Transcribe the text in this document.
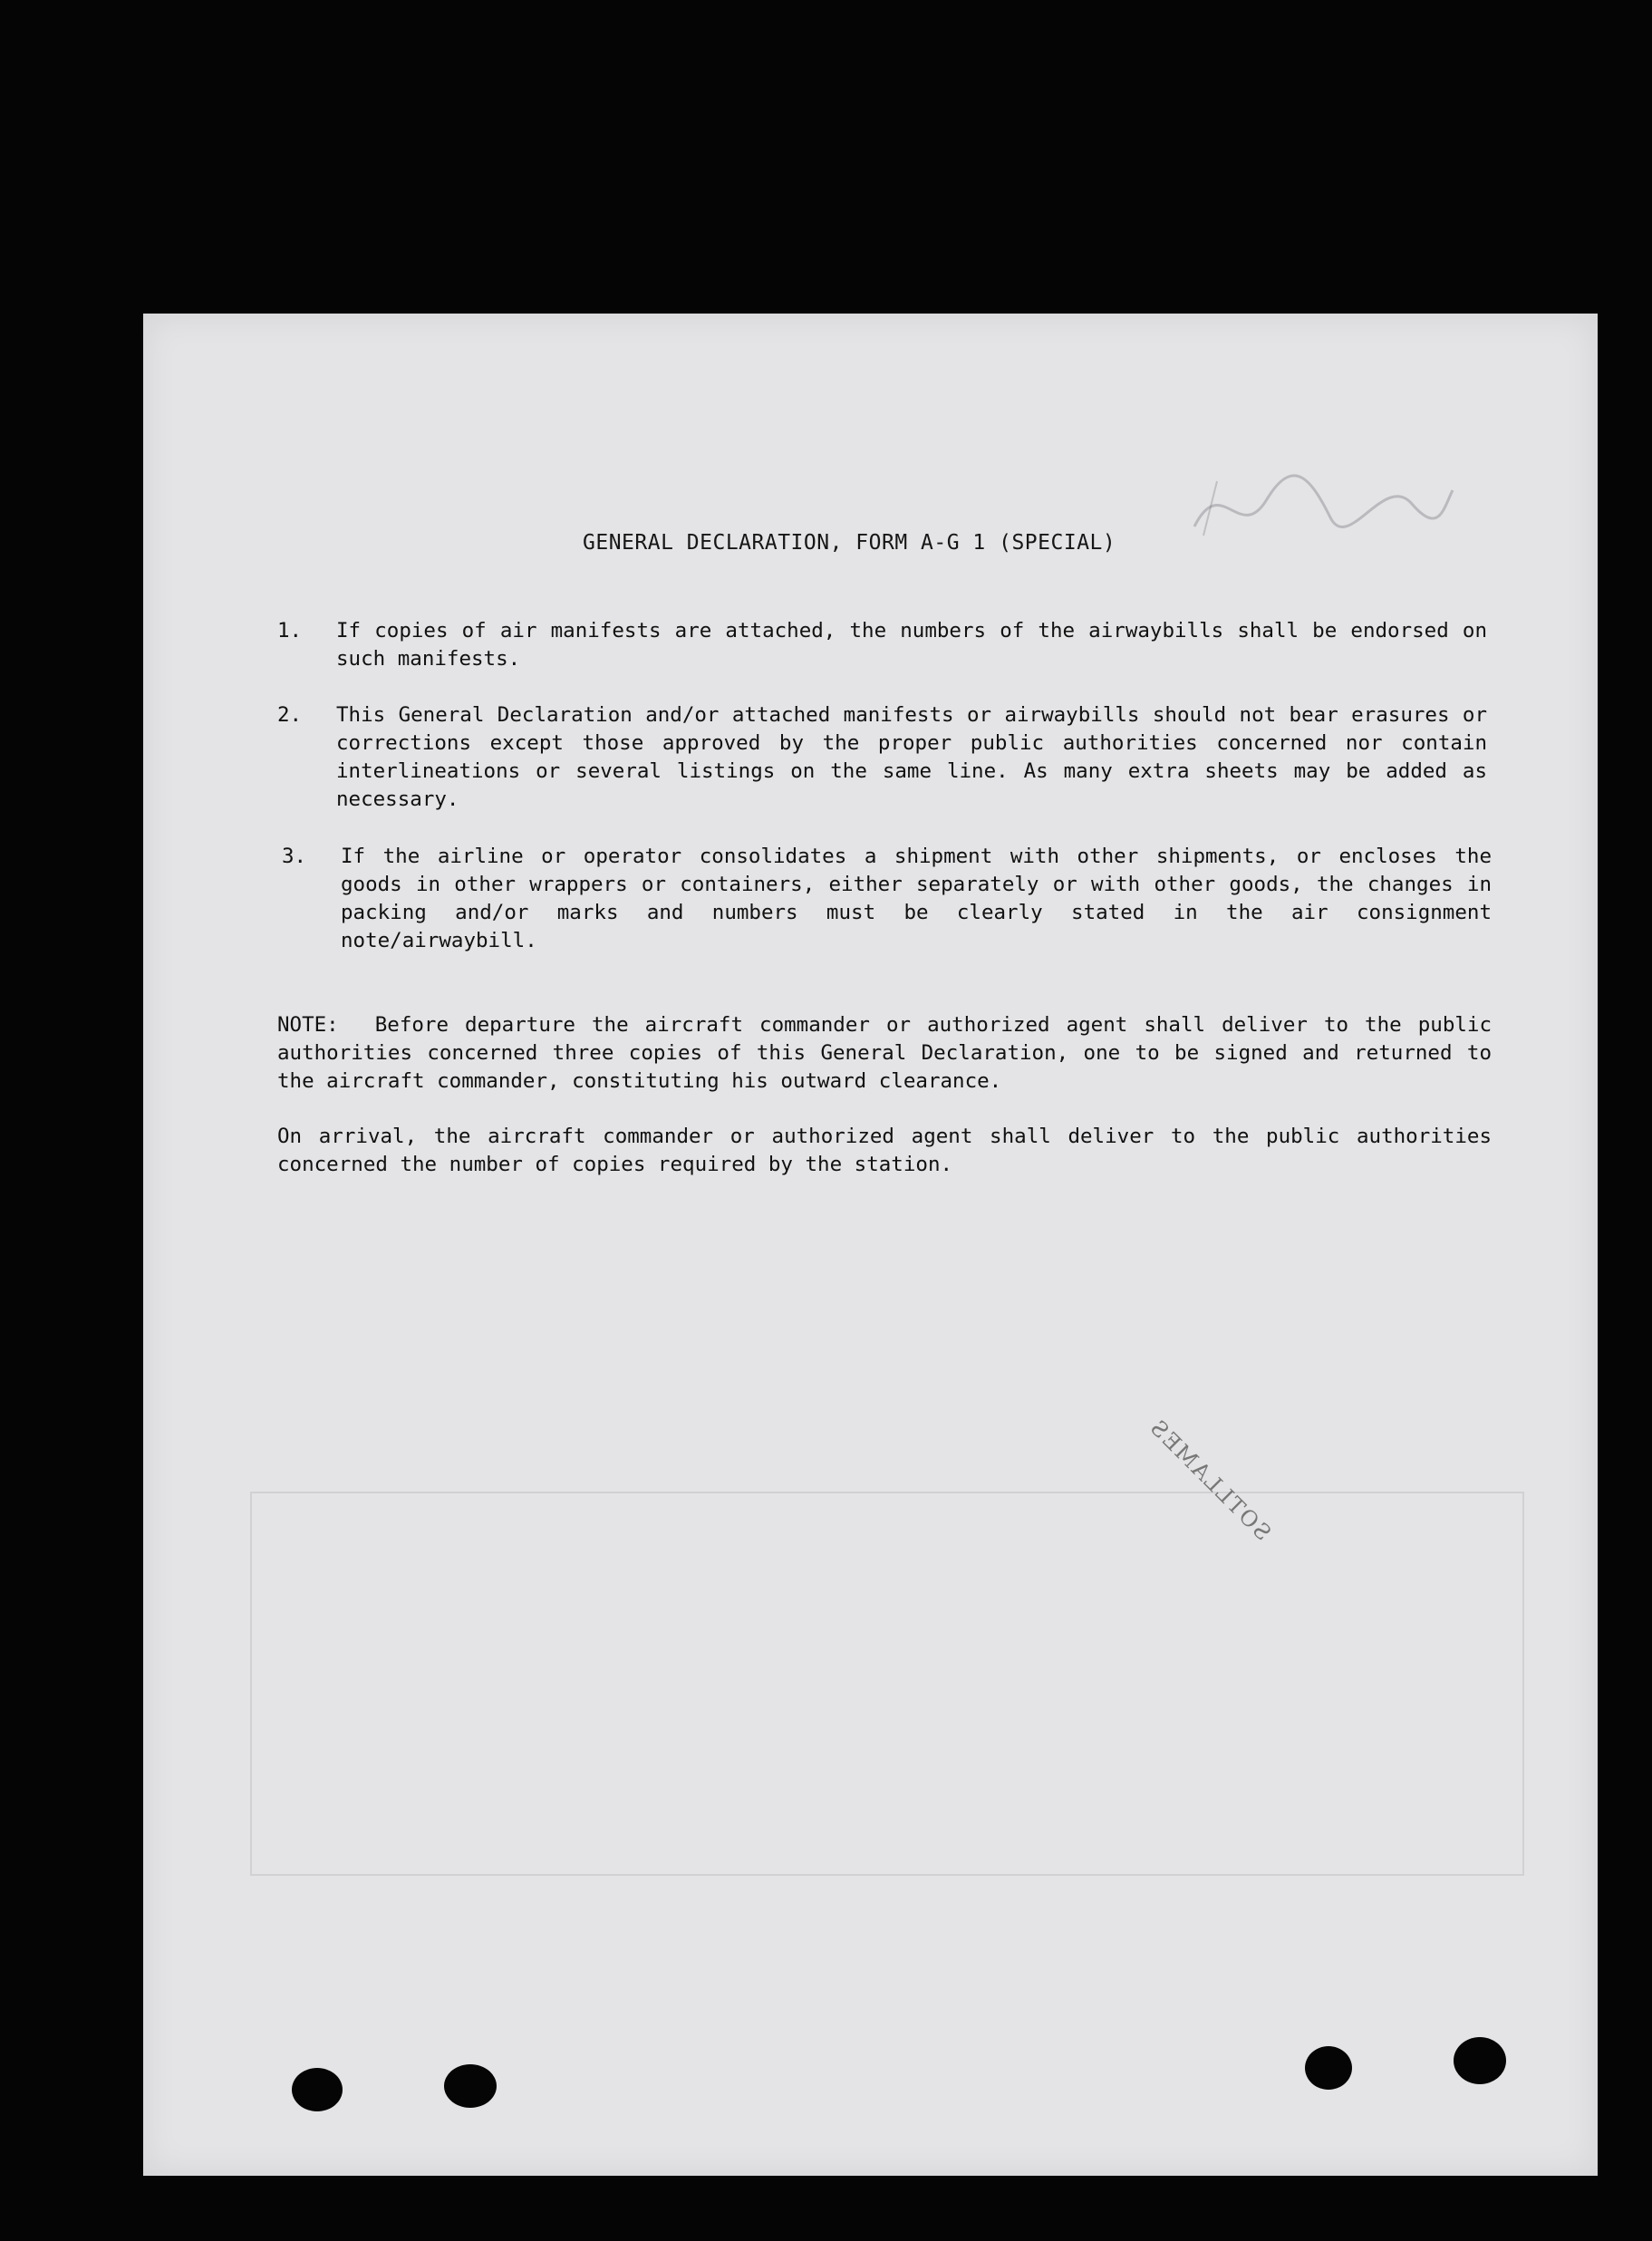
GENERAL DECLARATION, FORM A-G 1 (SPECIAL)
1. If copies of air manifests are attached, the numbers of the airwaybills shall be endorsed on such manifests.
2. This General Declaration and/or attached manifests or airwaybills should not bear erasures or corrections except those approved by the proper public authorities concerned nor contain interlineations or several listings on the same line. As many extra sheets may be added as necessary.
3. If the airline or operator consolidates a shipment with other shipments, or encloses the goods in other wrappers or containers, either separately or with other goods, the changes in packing and/or marks and numbers must be clearly stated in the air consignment note/airwaybill.
NOTE: Before departure the aircraft commander or authorized agent shall deliver to the public authorities concerned three copies of this General Declaration, one to be signed and returned to the aircraft commander, constituting his outward clearance.
On arrival, the aircraft commander or authorized agent shall deliver to the public authorities concerned the number of copies required by the station.
SOTLLAMES
